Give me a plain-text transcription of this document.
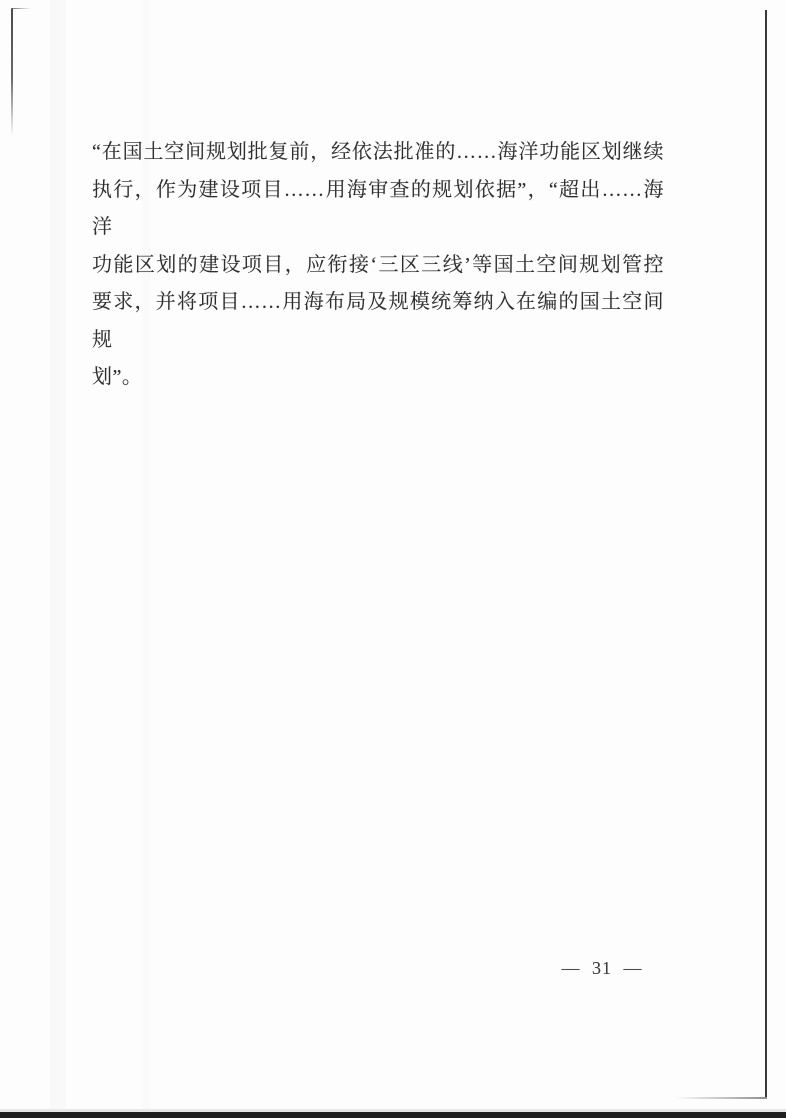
“在国土空间规划批复前，经依法批准的……海洋功能区划继续
执行，作为建设项目……用海审查的规划依据”，“超出……海洋
功能区划的建设项目，应衔接‘三区三线’等国土空间规划管控
要求，并将项目……用海布局及规模统筹纳入在编的国土空间规
划”。
— 31 —
